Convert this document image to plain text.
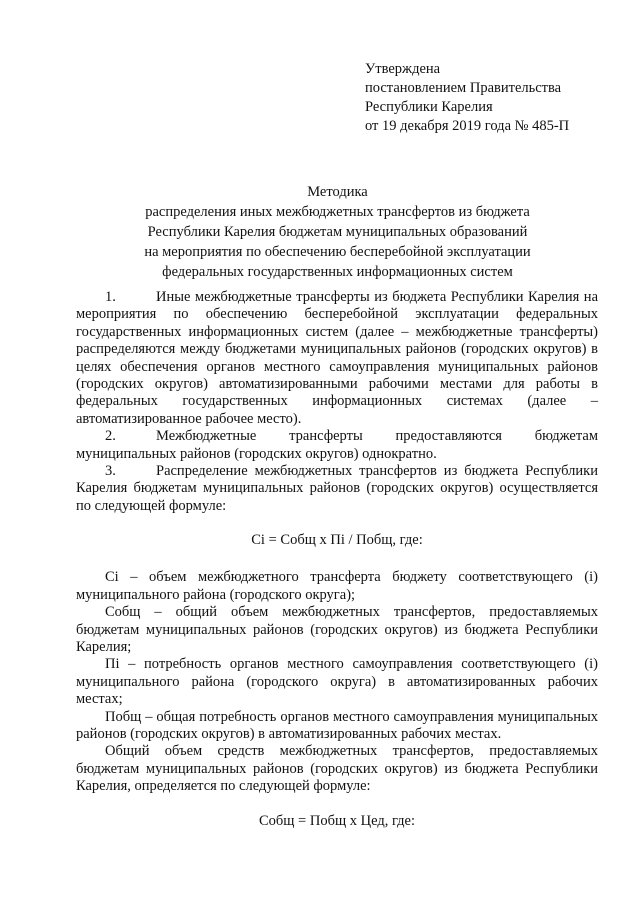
Утверждена
постановлением Правительства
Республики Карелия
от 19 декабря 2019 года № 485-П
Методика
распределения иных межбюджетных трансфертов из бюджета
Республики Карелия бюджетам муниципальных образований
на мероприятия по обеспечению бесперебойной эксплуатации
федеральных государственных информационных систем

1.	Иные межбюджетные трансферты из бюджета Республики Карелия на мероприятия по обеспечению бесперебойной эксплуатации федеральных государственных информационных систем (далее – межбюджетные трансферты) распределяются между бюджетами муниципальных районов (городских округов) в целях обеспечения органов местного самоуправления муниципальных районов (городских округов) автоматизированными рабочими местами для работы в федеральных государственных информационных системах (далее – автоматизированное рабочее место).

2.	Межбюджетные трансферты предоставляются бюджетам муниципальных районов (городских округов) однократно.

3.	Распределение межбюджетных трансфертов из бюджета Республики Карелия бюджетам муниципальных районов (городских округов) осуществляется по следующей формуле:

Сi = Собщ х Пi / Побщ, где:

Сi – объем межбюджетного трансферта бюджету соответствующего (i) муниципального района (городского округа);

Собщ – общий объем межбюджетных трансфертов, предоставляемых бюджетам муниципальных районов (городских округов) из бюджета Республики Карелия;

Пi – потребность органов местного самоуправления соответствующего (i) муниципального района (городского округа) в автоматизированных рабочих местах;

Побщ – общая потребность органов местного самоуправления муниципальных районов (городских округов) в автоматизированных рабочих местах.

Общий объем средств межбюджетных трансфертов, предоставляемых бюджетам муниципальных районов (городских округов) из бюджета Республики Карелия, определяется по следующей формуле:

Собщ = Побщ х Цед, где:
